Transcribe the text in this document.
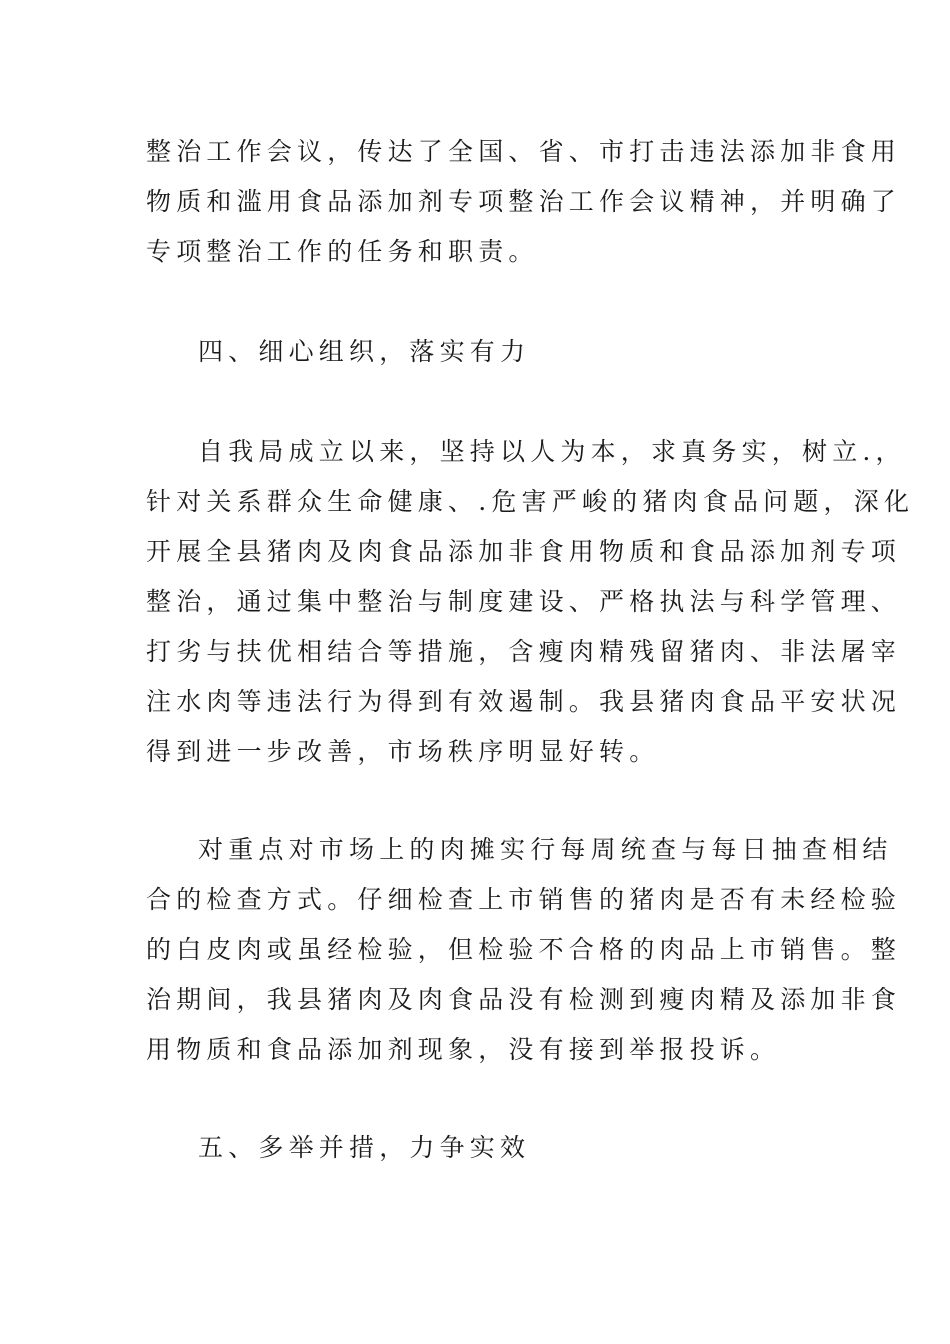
整治工作会议，传达了全国、省、市打击违法添加非食用
物质和滥用食品添加剂专项整治工作会议精神，并明确了
专项整治工作的任务和职责。
四、细心组织，落实有力
自我局成立以来，坚持以人为本，求真务实，树立.，
针对关系群众生命健康、.危害严峻的猪肉食品问题，深化
开展全县猪肉及肉食品添加非食用物质和食品添加剂专项
整治，通过集中整治与制度建设、严格执法与科学管理、
打劣与扶优相结合等措施，含瘦肉精残留猪肉、非法屠宰
注水肉等违法行为得到有效遏制。我县猪肉食品平安状况
得到进一步改善，市场秩序明显好转。
对重点对市场上的肉摊实行每周统查与每日抽查相结
合的检查方式。仔细检查上市销售的猪肉是否有未经检验
的白皮肉或虽经检验，但检验不合格的肉品上市销售。整
治期间，我县猪肉及肉食品没有检测到瘦肉精及添加非食
用物质和食品添加剂现象，没有接到举报投诉。
五、多举并措，力争实效
